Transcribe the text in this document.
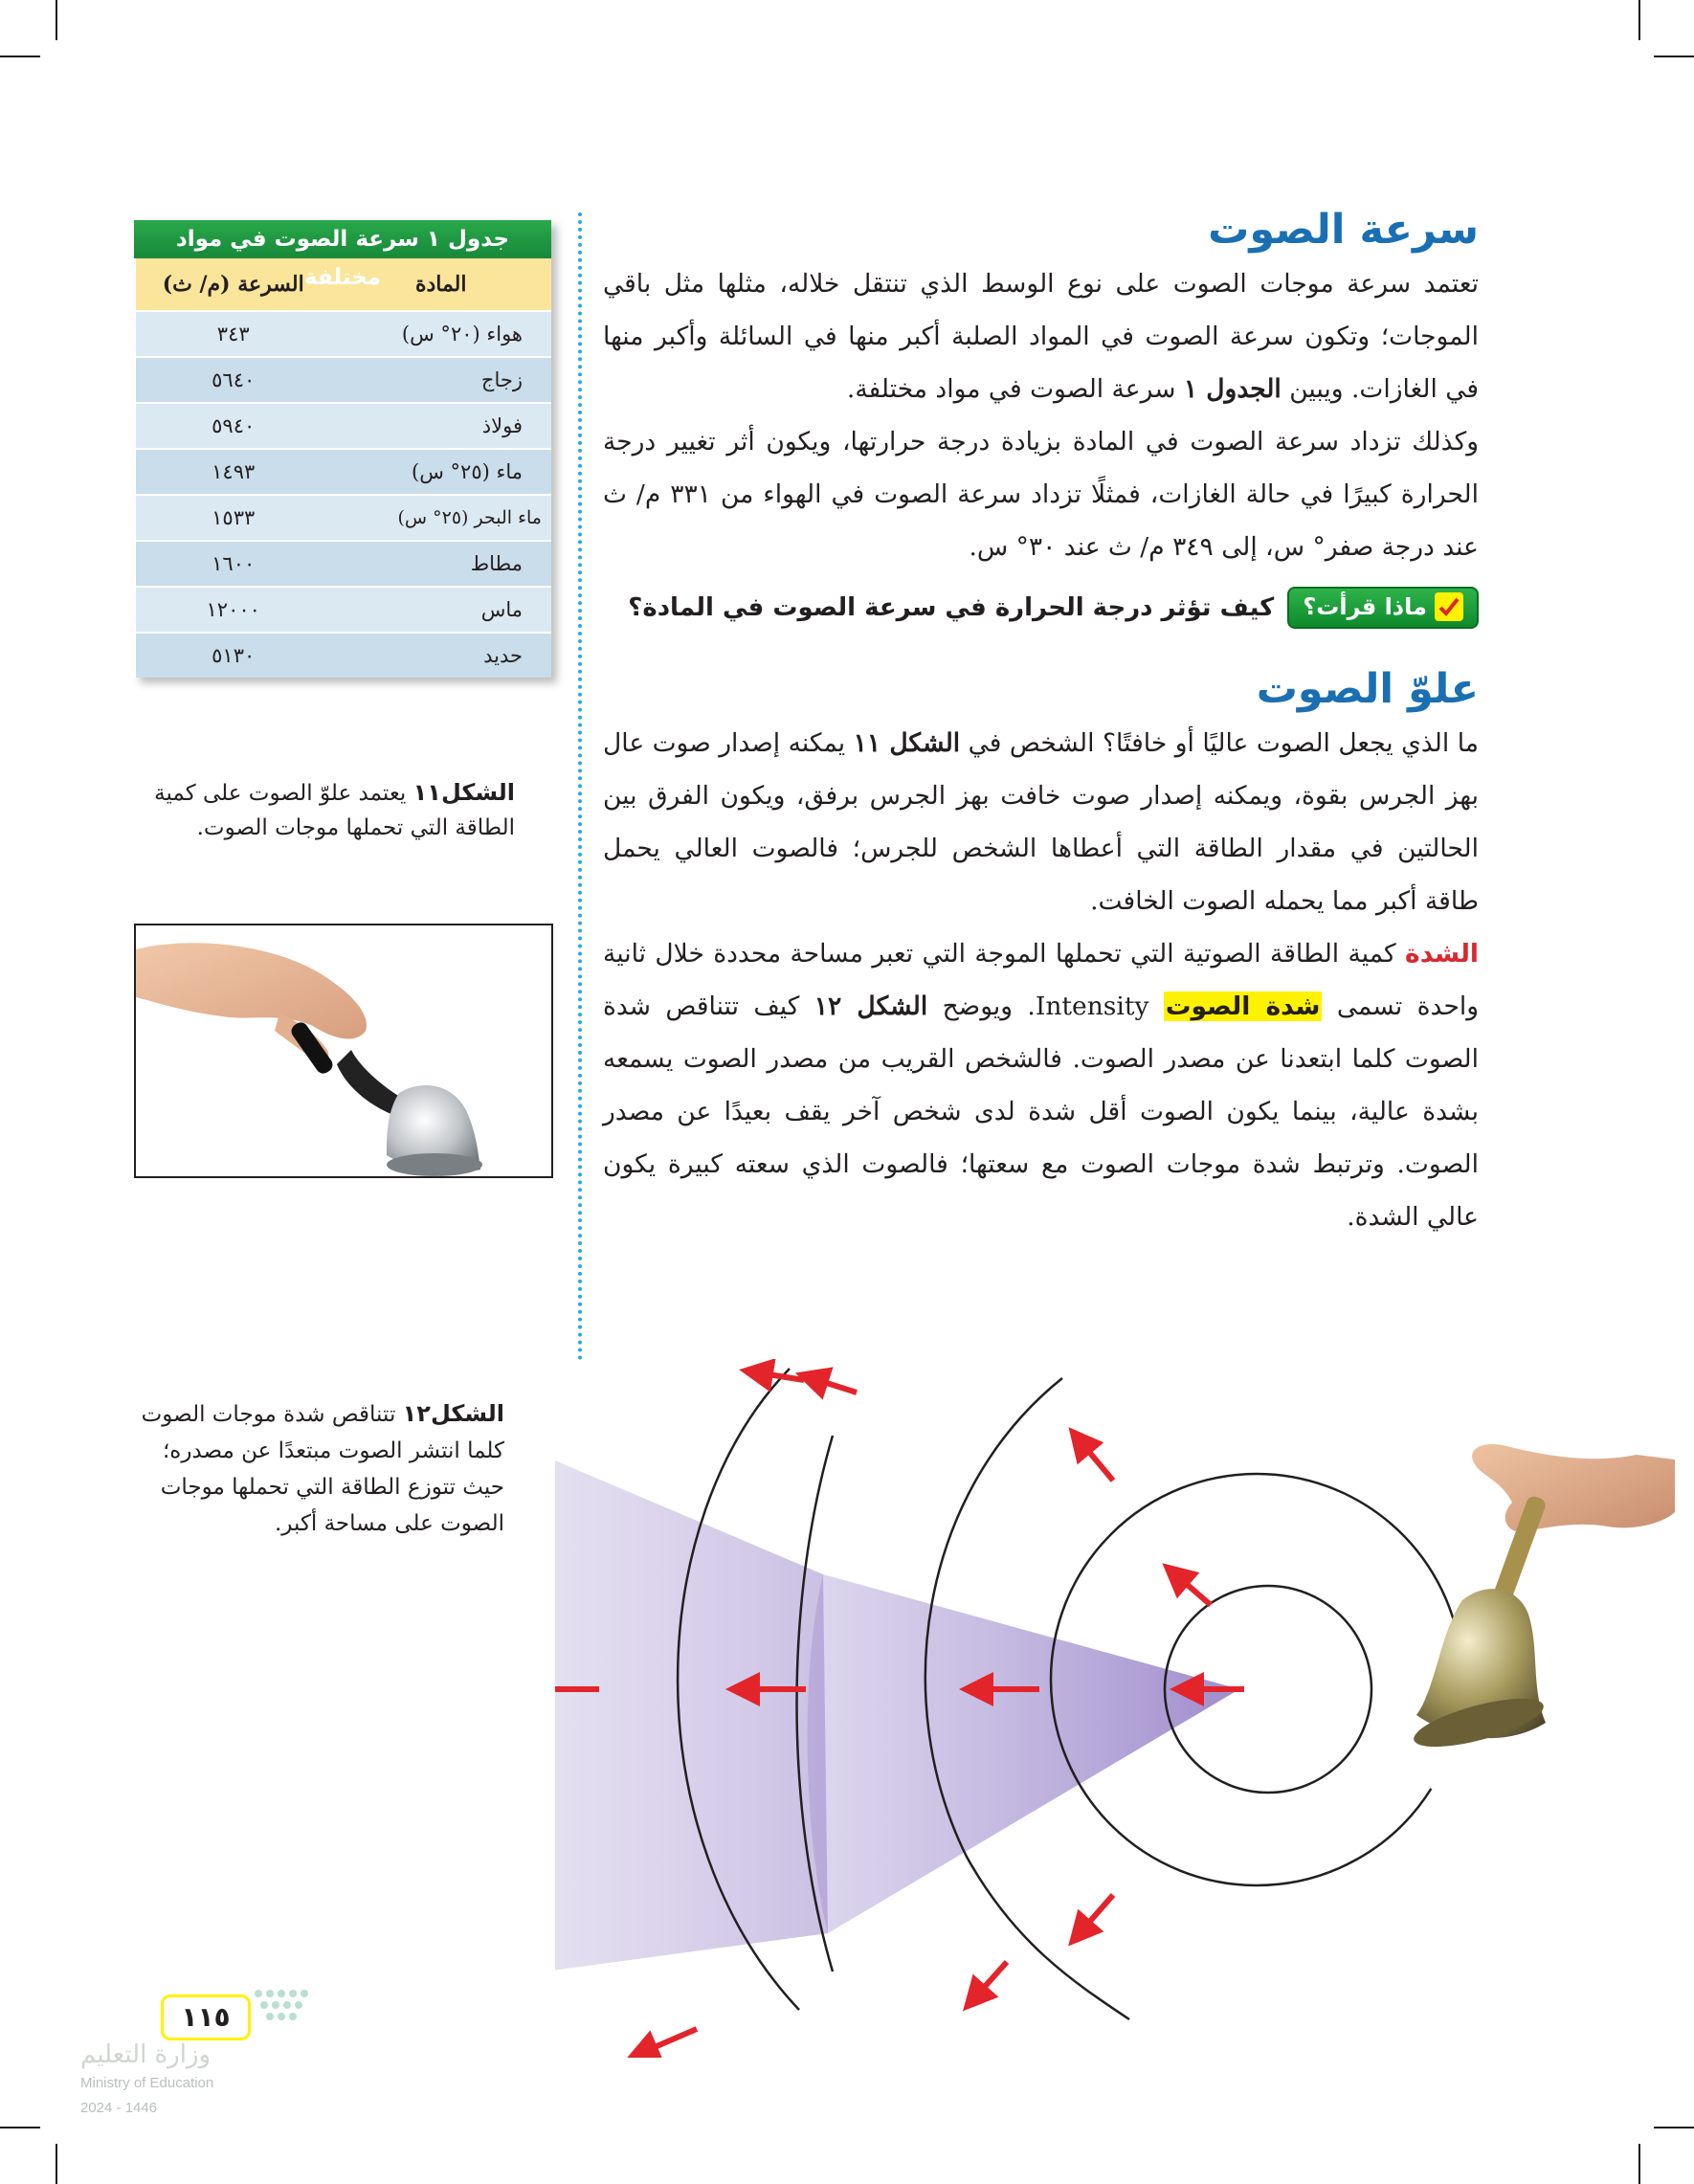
سرعة الصوت

تعتمد سرعة موجات الصوت على نوع الوسط الذي تنتقل خلاله، مثلها مثل باقي الموجات؛ وتكون سرعة الصوت في المواد الصلبة أكبر منها في السائلة وأكبر منها في الغازات. ويبين الجدول ١ سرعة الصوت في مواد مختلفة.

وكذلك تزداد سرعة الصوت في المادة بزيادة درجة حرارتها، ويكون أثر تغيير درجة الحرارة كبيرًا في حالة الغازات، فمثلًا تزداد سرعة الصوت في الهواء من ٣٣١ م/ ث عند درجة صفر° س، إلى ٣٤٩ م/ ث عند ٣٠° س.

ماذا قرأت؟
كيف تؤثر درجة الحرارة في سرعة الصوت في المادة؟
علوّ الصوت

ما الذي يجعل الصوت عاليًا أو خافتًا؟ الشخص في الشكل ١١ يمكنه إصدار صوت عال بهز الجرس بقوة، ويمكنه إصدار صوت خافت بهز الجرس برفق، ويكون الفرق بين الحالتين في مقدار الطاقة التي أعطاها الشخص للجرس؛ فالصوت العالي يحمل طاقة أكبر مما يحمله الصوت الخافت.

الشدة كمية الطاقة الصوتية التي تحملها الموجة التي تعبر مساحة محددة خلال ثانية واحدة تسمى شدة الصوت Intensity. ويوضح الشكل ١٢ كيف تتناقص شدة الصوت كلما ابتعدنا عن مصدر الصوت. فالشخص القريب من مصدر الصوت يسمعه بشدة عالية، بينما يكون الصوت أقل شدة لدى شخص آخر يقف بعيدًا عن مصدر الصوت. وترتبط شدة موجات الصوت مع سعتها؛ فالصوت الذي سعته كبيرة يكون عالي الشدة.

جدول ١ سرعة الصوت في مواد مختلفة	المادة	السرعة (م/ ث)
هواء (٢٠° س)	٣٤٣
زجاج	٥٦٤٠
فولاذ	٥٩٤٠
ماء (٢٥° س)	١٤٩٣
ماء البحر (٢٥° س)	١٥٣٣
مطاط	١٦٠٠
ماس	١٢٠٠٠
حديد	٥١٣٠
الشكل١١ يعتمد علوّ الصوت على كمية الطاقة التي تحملها موجات الصوت.
الشكل١٢ تتناقص شدة موجات الصوت كلما انتشر الصوت مبتعدًا عن مصدره؛ حيث تتوزع الطاقة التي تحملها موجات الصوت على مساحة أكبر.
١١٥
وزارة التعليم
Ministry of Education
2024 - 1446
